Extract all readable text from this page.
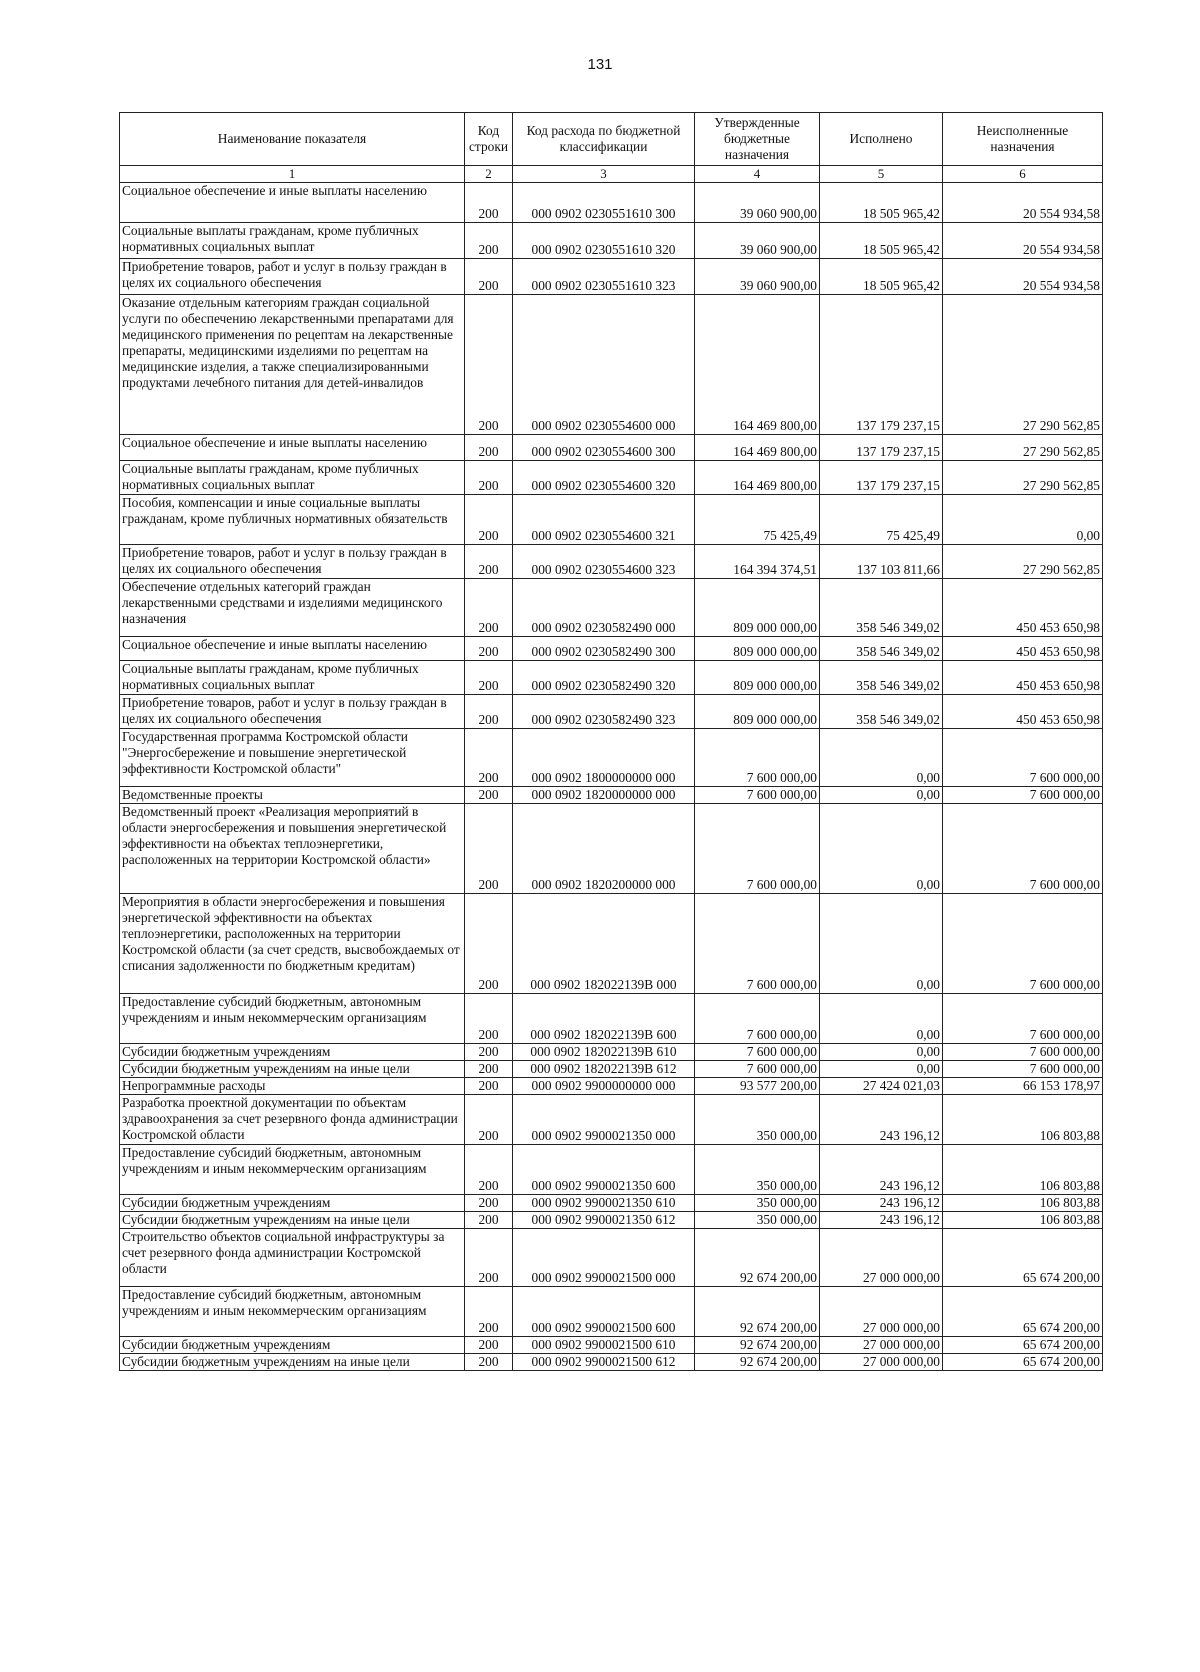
131
Наименование показателя	Код строки	Код расхода по бюджетной классификации	Утвержденные бюджетные назначения	Исполнено	Неисполненные назначения
1	2	3	4	5	6
Социальное обеспечение и иные выплаты населению	200	000 0902 0230551610 300	39 060 900,00	18 505 965,42	20 554 934,58
Социальные выплаты гражданам, кроме публичных нормативных социальных выплат	200	000 0902 0230551610 320	39 060 900,00	18 505 965,42	20 554 934,58
Приобретение товаров, работ и услуг в пользу граждан в целях их социального обеспечения	200	000 0902 0230551610 323	39 060 900,00	18 505 965,42	20 554 934,58
Оказание отдельным категориям граждан социальной услуги по обеспечению лекарственными препаратами для медицинского применения по рецептам на лекарственные препараты, медицинскими изделиями по рецептам на медицинские изделия, а также специализированными продуктами лечебного питания для детей-инвалидов	200	000 0902 0230554600 000	164 469 800,00	137 179 237,15	27 290 562,85
Социальное обеспечение и иные выплаты населению	200	000 0902 0230554600 300	164 469 800,00	137 179 237,15	27 290 562,85
Социальные выплаты гражданам, кроме публичных нормативных социальных выплат	200	000 0902 0230554600 320	164 469 800,00	137 179 237,15	27 290 562,85
Пособия, компенсации и иные социальные выплаты гражданам, кроме публичных нормативных обязательств	200	000 0902 0230554600 321	75 425,49	75 425,49	0,00
Приобретение товаров, работ и услуг в пользу граждан в целях их социального обеспечения	200	000 0902 0230554600 323	164 394 374,51	137 103 811,66	27 290 562,85
Обеспечение отдельных категорий граждан лекарственными средствами и изделиями медицинского назначения	200	000 0902 0230582490 000	809 000 000,00	358 546 349,02	450 453 650,98
Социальное обеспечение и иные выплаты населению	200	000 0902 0230582490 300	809 000 000,00	358 546 349,02	450 453 650,98
Социальные выплаты гражданам, кроме публичных нормативных социальных выплат	200	000 0902 0230582490 320	809 000 000,00	358 546 349,02	450 453 650,98
Приобретение товаров, работ и услуг в пользу граждан в целях их социального обеспечения	200	000 0902 0230582490 323	809 000 000,00	358 546 349,02	450 453 650,98
Государственная программа Костромской области "Энергосбережение и повышение энергетической эффективности Костромской области"	200	000 0902 1800000000 000	7 600 000,00	0,00	7 600 000,00
Ведомственные проекты	200	000 0902 1820000000 000	7 600 000,00	0,00	7 600 000,00
Ведомственный проект «Реализация мероприятий в области энергосбережения и повышения энергетической эффективности на объектах теплоэнергетики, расположенных на территории Костромской области»	200	000 0902 1820200000 000	7 600 000,00	0,00	7 600 000,00
Мероприятия в области энергосбережения и повышения энергетической эффективности на объектах теплоэнергетики, расположенных на территории Костромской области (за счет средств, высвобождаемых от списания задолженности по бюджетным кредитам)	200	000 0902 182022139В 000	7 600 000,00	0,00	7 600 000,00
Предоставление субсидий бюджетным, автономным учреждениям и иным некоммерческим организациям	200	000 0902 182022139В 600	7 600 000,00	0,00	7 600 000,00
Субсидии бюджетным учреждениям	200	000 0902 182022139В 610	7 600 000,00	0,00	7 600 000,00
Субсидии бюджетным учреждениям на иные цели	200	000 0902 182022139В 612	7 600 000,00	0,00	7 600 000,00
Непрограммные расходы	200	000 0902 9900000000 000	93 577 200,00	27 424 021,03	66 153 178,97
Разработка проектной документации по объектам здравоохранения за счет резервного фонда администрации Костромской области	200	000 0902 9900021350 000	350 000,00	243 196,12	106 803,88
Предоставление субсидий бюджетным, автономным учреждениям и иным некоммерческим организациям	200	000 0902 9900021350 600	350 000,00	243 196,12	106 803,88
Субсидии бюджетным учреждениям	200	000 0902 9900021350 610	350 000,00	243 196,12	106 803,88
Субсидии бюджетным учреждениям на иные цели	200	000 0902 9900021350 612	350 000,00	243 196,12	106 803,88
Строительство объектов социальной инфраструктуры за счет резервного фонда администрации Костромской области	200	000 0902 9900021500 000	92 674 200,00	27 000 000,00	65 674 200,00
Предоставление субсидий бюджетным, автономным учреждениям и иным некоммерческим организациям	200	000 0902 9900021500 600	92 674 200,00	27 000 000,00	65 674 200,00
Субсидии бюджетным учреждениям	200	000 0902 9900021500 610	92 674 200,00	27 000 000,00	65 674 200,00
Субсидии бюджетным учреждениям на иные цели	200	000 0902 9900021500 612	92 674 200,00	27 000 000,00	65 674 200,00
